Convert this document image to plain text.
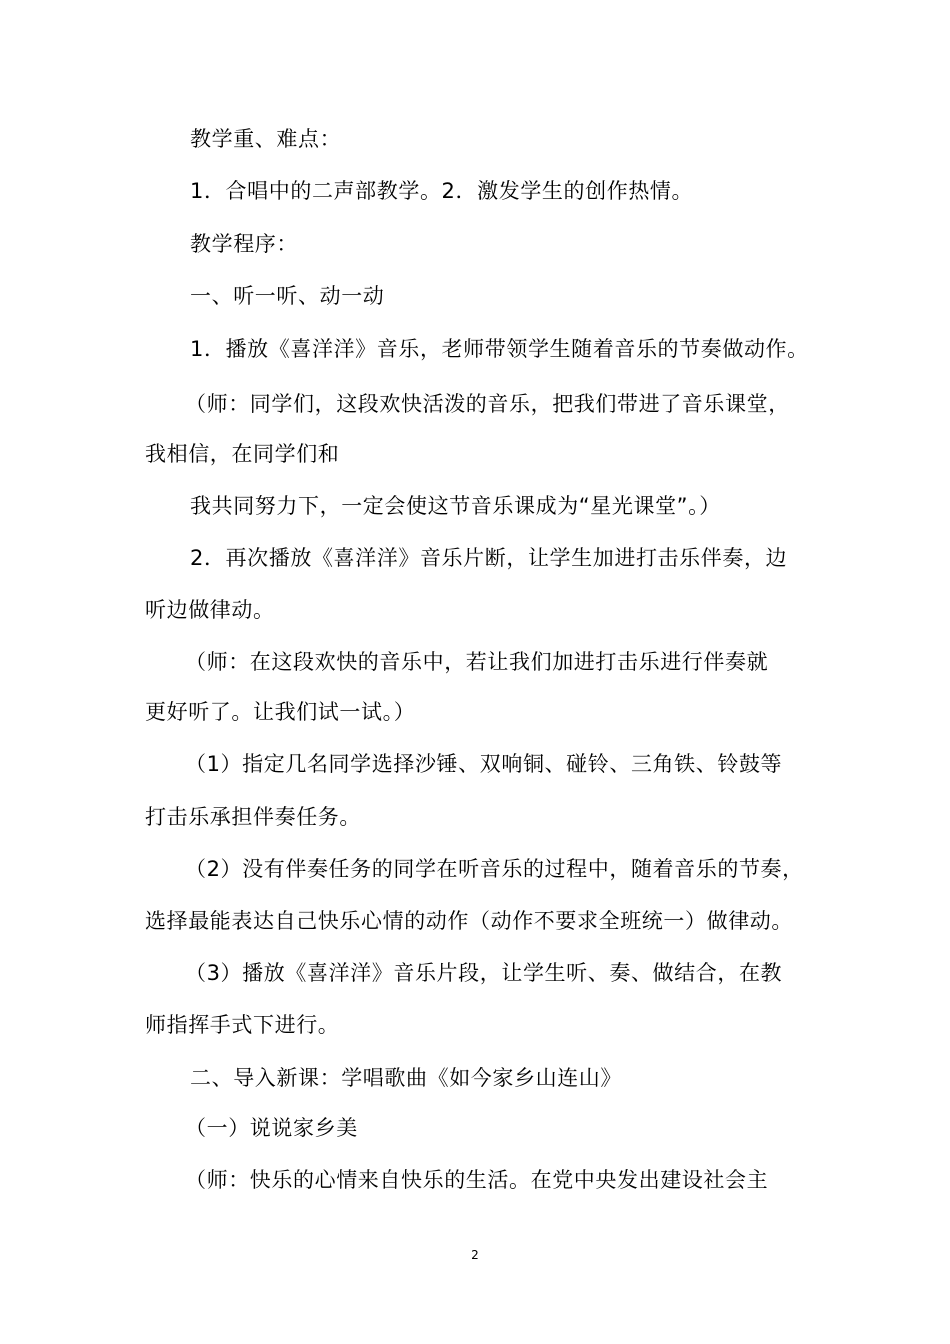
教学重、难点：
1．合唱中的二声部教学。2．激发学生的创作热情。
教学程序：
一、听一听、动一动
1．播放《喜洋洋》音乐，老师带领学生随着音乐的节奏做动作。
（师：同学们，这段欢快活泼的音乐，把我们带进了音乐课堂，
我相信，在同学们和
我共同努力下，一定会使这节音乐课成为“星光课堂”。）
2．再次播放《喜洋洋》音乐片断，让学生加进打击乐伴奏，边
听边做律动。
（师：在这段欢快的音乐中，若让我们加进打击乐进行伴奏就
更好听了。让我们试一试。）
（1）指定几名同学选择沙锤、双响铜、碰铃、三角铁、铃鼓等
打击乐承担伴奏任务。
（2）没有伴奏任务的同学在听音乐的过程中，随着音乐的节奏，
选择最能表达自己快乐心情的动作（动作不要求全班统一）做律动。
（3）播放《喜洋洋》音乐片段，让学生听、奏、做结合，在教
师指挥手式下进行。
二、导入新课：学唱歌曲《如今家乡山连山》
（一）说说家乡美
（师：快乐的心情来自快乐的生活。在党中央发出建设社会主
2
